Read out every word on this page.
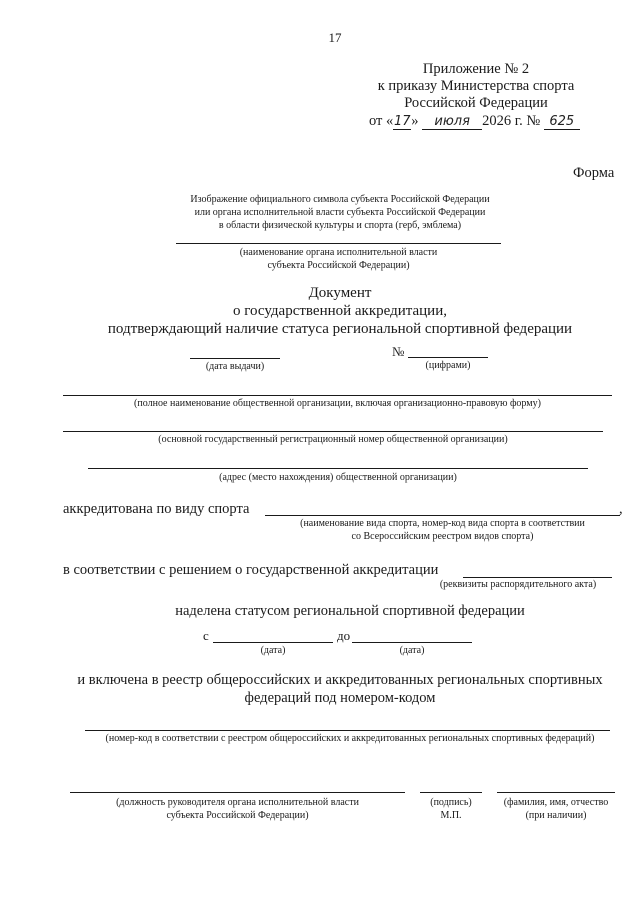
17
Приложение № 2
к приказу Министерства спорта
Российской Федерации
от «17» июля 2026 г. № 625
Форма
Изображение официального символа субъекта Российской Федерации
или органа исполнительной власти субъекта Российской Федерации
в области физической культуры и спорта (герб, эмблема)
(наименование органа исполнительной власти
субъекта Российской Федерации)
Документ
о государственной аккредитации,
подтверждающий наличие статуса региональной спортивной федерации
(дата выдачи)
№
(цифрами)
(полное наименование общественной организации, включая организационно-правовую форму)
(основной государственный регистрационный номер общественной организации)
(адрес (место нахождения) общественной организации)
аккредитована по виду спорта	,
(наименование вида спорта, номер-код вида спорта в соответствии
со Всероссийским реестром видов спорта)
в соответствии с решением о государственной аккредитации
(реквизиты распорядительного акта)
наделена статусом региональной спортивной федерации
с
(дата)
до
(дата)
и включена в реестр общероссийских и аккредитованных региональных спортивных
федераций под номером-кодом
(номер-код в соответствии с реестром общероссийских и аккредитованных региональных спортивных федераций)
(должность руководителя органа исполнительной власти
субъекта Российской Федерации)
(подпись)
М.П.
(фамилия, имя, отчество
(при наличии)
